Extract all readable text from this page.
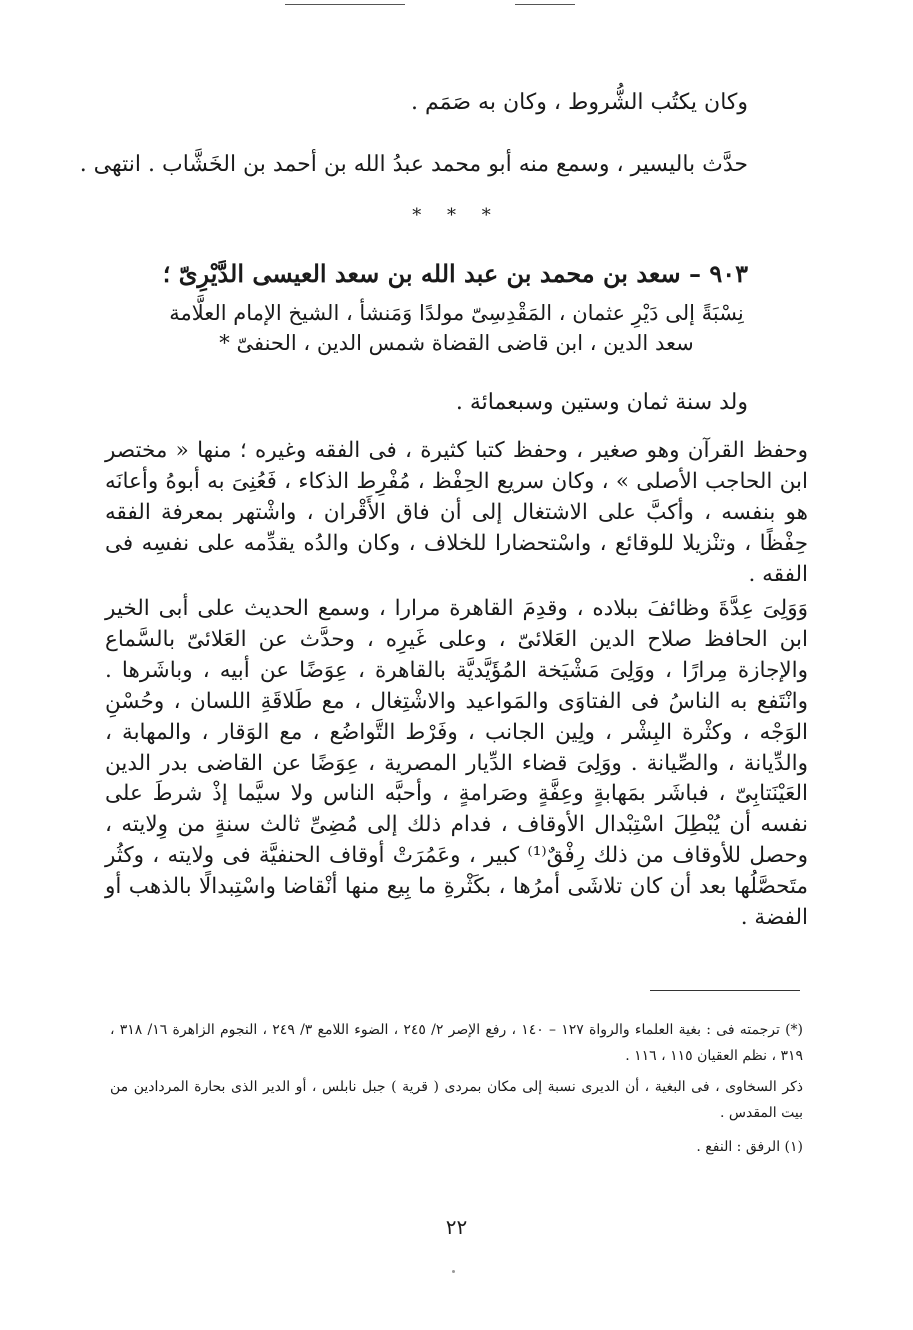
وكان يكتُب الشُّروط ، وكان به صَمَم .
حدَّث باليسير ، وسمع منه أبو محمد عبدُ الله بن أحمد بن الخَشَّاب . انتهى .
* * *
٩٠٣ – سعد بن محمد بن عبد الله بن سعد العيسى الدَّيْرِىّ ؛
نِسْبَةً إلى دَيْرِ عثمان ، المَقْدِسِىّ مولدًا وَمَنشأ ، الشيخ الإمام العلَّامة سعد الدين ، ابن قاضى القضاة شمس الدين ، الحنفىّ *
ولد سنة ثمان وستين وسبعمائة .
وحفظ القرآن وهو صغير ، وحفظ كتبا كثيرة ، فى الفقه وغيره ؛ منها « مختصر ابن الحاجب الأصلى » ، وكان سريع الحِفْظ ، مُفْرِط الذكاء ، فَعُنِىَ به أبوهُ وأعانَه هو بنفسه ، وأكبَّ على الاشتغال إلى أن فاق الأَقْران ، واشْتهر بمعرفة الفقه حِفْظًا ، وتنْزيلا للوقائع ، واسْتحضارا للخلاف ، وكان والدُه يقدِّمه على نفسِه فى الفقه .
وَوَلِىَ عِدَّةَ وظائفَ ببلاده ، وقدِمَ القاهرة مرارا ، وسمع الحديث على أبى الخير ابن الحافظ صلاح الدين العَلائىّ ، وعلى غَيرِه ، وحدَّث عن العَلائىّ بالسَّماع والإجازة مِرارًا ، ووَلِىَ مَشْيَخة المُؤَيَّديَّة بالقاهرة ، عِوَضًا عن أبيه ، وباشَرها . وانْتَفع به الناسُ فى الفتاوَى والمَواعيد والاشْتِغال ، مع طَلاقَةِ اللسان ، وحُسْنِ الوَجْه ، وكثْرة البِشْر ، ولِين الجانب ، وفَرْط التَّواضُع ، مع الوَقار ، والمهابة ، والدِّيانة ، والصِّيانة . ووَلِىَ قضاء الدِّيار المصرية ، عِوَضًا عن القاضى بدر الدين العَيْنَتابِىّ ، فباشَر بمَهابةٍ وعِفَّةٍ وصَرامةٍ ، وأحبَّه الناس ولا سيَّما إذْ شرطَ على نفسه أن يُبْطِلَ اسْتِبْدال الأوقاف ، فدام ذلك إلى مُضِىِّ ثالث سنةٍ من وِلايته ، وحصل للأوقاف من ذلك رِفْقٌ⁽¹⁾ كبير ، وعَمُرَتْ أوقاف الحنفيَّة فى ولايته ، وكثُر متَحصَّلُها بعد أن كان تلاشَى أمرُها ، بكَثْرةِ ما بِيع منها أنْقاضا واسْتِبدالًا بالذهب أو الفضة .
(*) ترجمته فى : بغية العلماء والرواة ١٢٧ – ١٤٠ ، رفع الإصر ٢/ ٢٤٥ ، الضوء اللامع ٣/ ٢٤٩ ، النجوم الزاهرة ١٦/ ٣١٨ ، ٣١٩ ، نظم العقيان ١١٥ ، ١١٦ .
ذكر السخاوى ، فى البغية ، أن الديرى نسبة إلى مكان بمردى ( قرية ) جبل نابلس ، أو الدير الذى بحارة المردادين من بيت المقدس .
(١) الرفق : النفع .
٢٢
